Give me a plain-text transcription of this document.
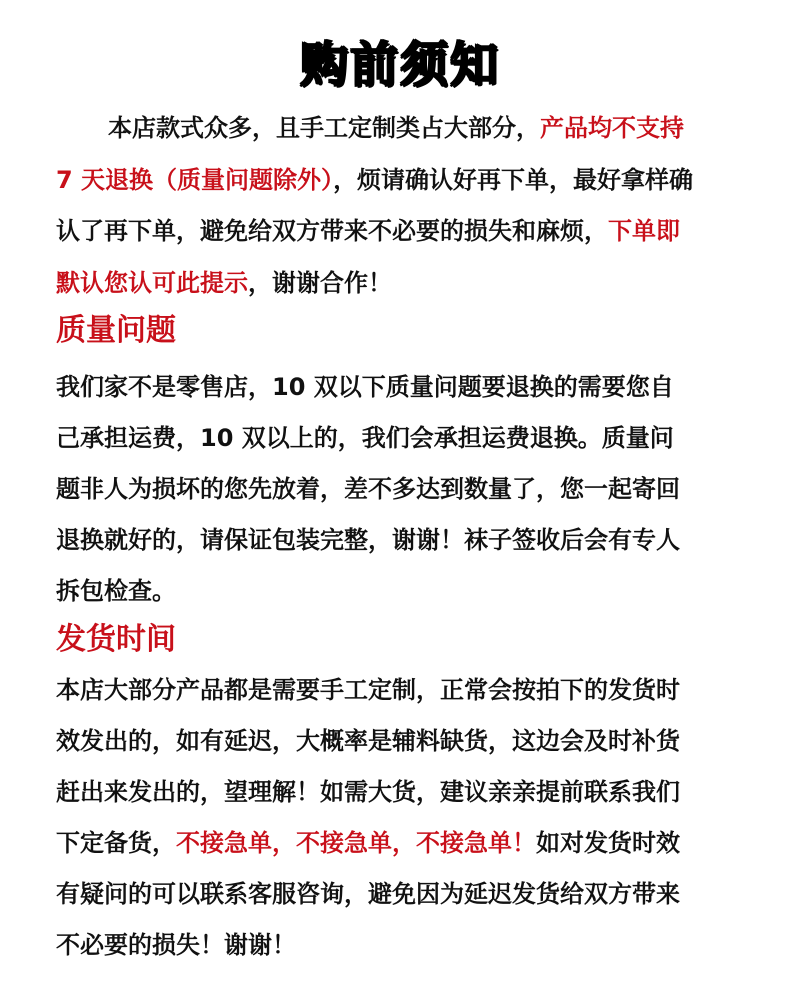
购前须知
本店款式众多，且手工定制类占大部分，产品均不支持
7 天退换（质量问题除外），烦请确认好再下单，最好拿样确
认了再下单，避免给双方带来不必要的损失和麻烦，下单即
默认您认可此提示，谢谢合作！
质量问题
我们家不是零售店，10 双以下质量问题要退换的需要您自
己承担运费，10 双以上的，我们会承担运费退换。质量问
题非人为损坏的您先放着，差不多达到数量了，您一起寄回
退换就好的，请保证包装完整，谢谢！袜子签收后会有专人
拆包检查。
发货时间
本店大部分产品都是需要手工定制，正常会按拍下的发货时
效发出的，如有延迟，大概率是辅料缺货，这边会及时补货
赶出来发出的，望理解！如需大货，建议亲亲提前联系我们
下定备货，不接急单，不接急单，不接急单！如对发货时效
有疑问的可以联系客服咨询，避免因为延迟发货给双方带来
不必要的损失！谢谢！
